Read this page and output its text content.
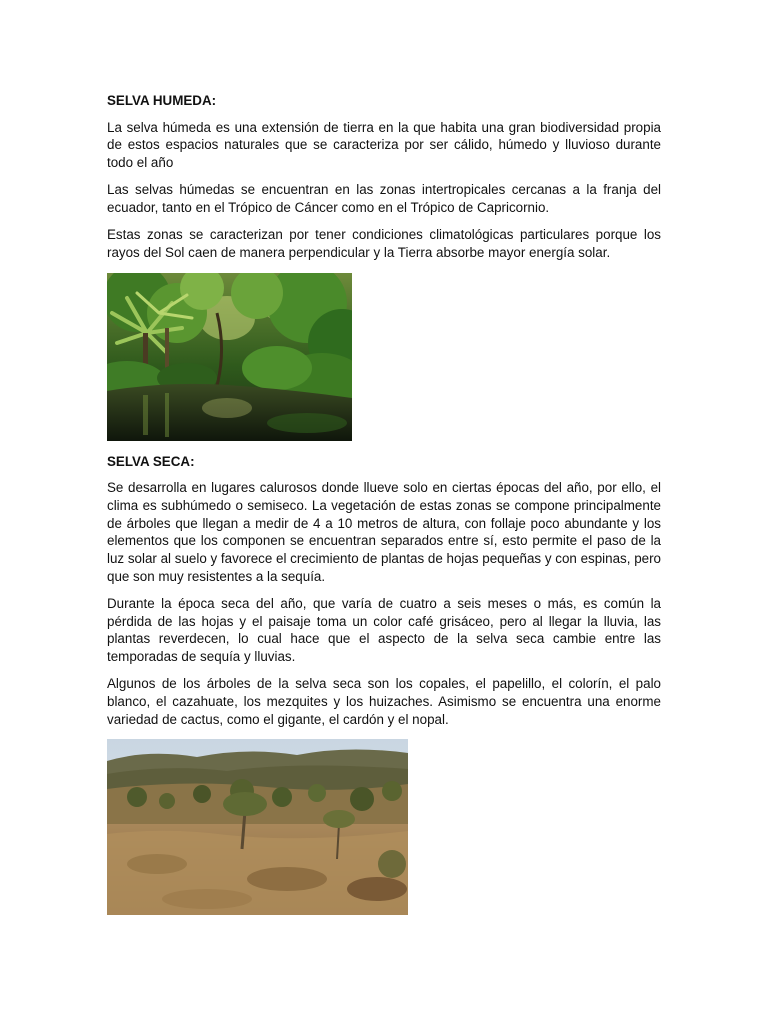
SELVA HUMEDA:

La selva húmeda es una extensión de tierra en la que habita una gran biodiversidad propia de estos espacios naturales que se caracteriza por ser cálido, húmedo y lluvioso durante todo el año

Las selvas húmedas se encuentran en las zonas intertropicales cercanas a la franja del ecuador, tanto en el Trópico de Cáncer como en el Trópico de Capricornio.

Estas zonas se caracterizan por tener condiciones climatológicas particulares porque los rayos del Sol caen de manera perpendicular y la Tierra absorbe mayor energía solar.

SELVA SECA:

Se desarrolla en lugares calurosos donde llueve solo en ciertas épocas del año, por ello, el clima es subhúmedo o semiseco. La vegetación de estas zonas se compone principalmente de árboles que llegan a medir de 4 a 10 metros de altura, con follaje poco abundante y los elementos que los componen se encuentran separados entre sí, esto permite el paso de la luz solar al suelo y favorece el crecimiento de plantas de hojas pequeñas y con espinas, pero que son muy resistentes a la sequía.

Durante la época seca del año, que varía de cuatro a seis meses o más, es común la pérdida de las hojas y el paisaje toma un color café grisáceo, pero al llegar la lluvia, las plantas reverdecen, lo cual hace que el aspecto de la selva seca cambie entre las temporadas de sequía y lluvias.

Algunos de los árboles de la selva seca son los copales, el papelillo, el colorín, el palo blanco, el cazahuate, los mezquites y los huizaches. Asimismo se encuentra una enorme variedad de cactus, como el gigante, el cardón y el nopal.
